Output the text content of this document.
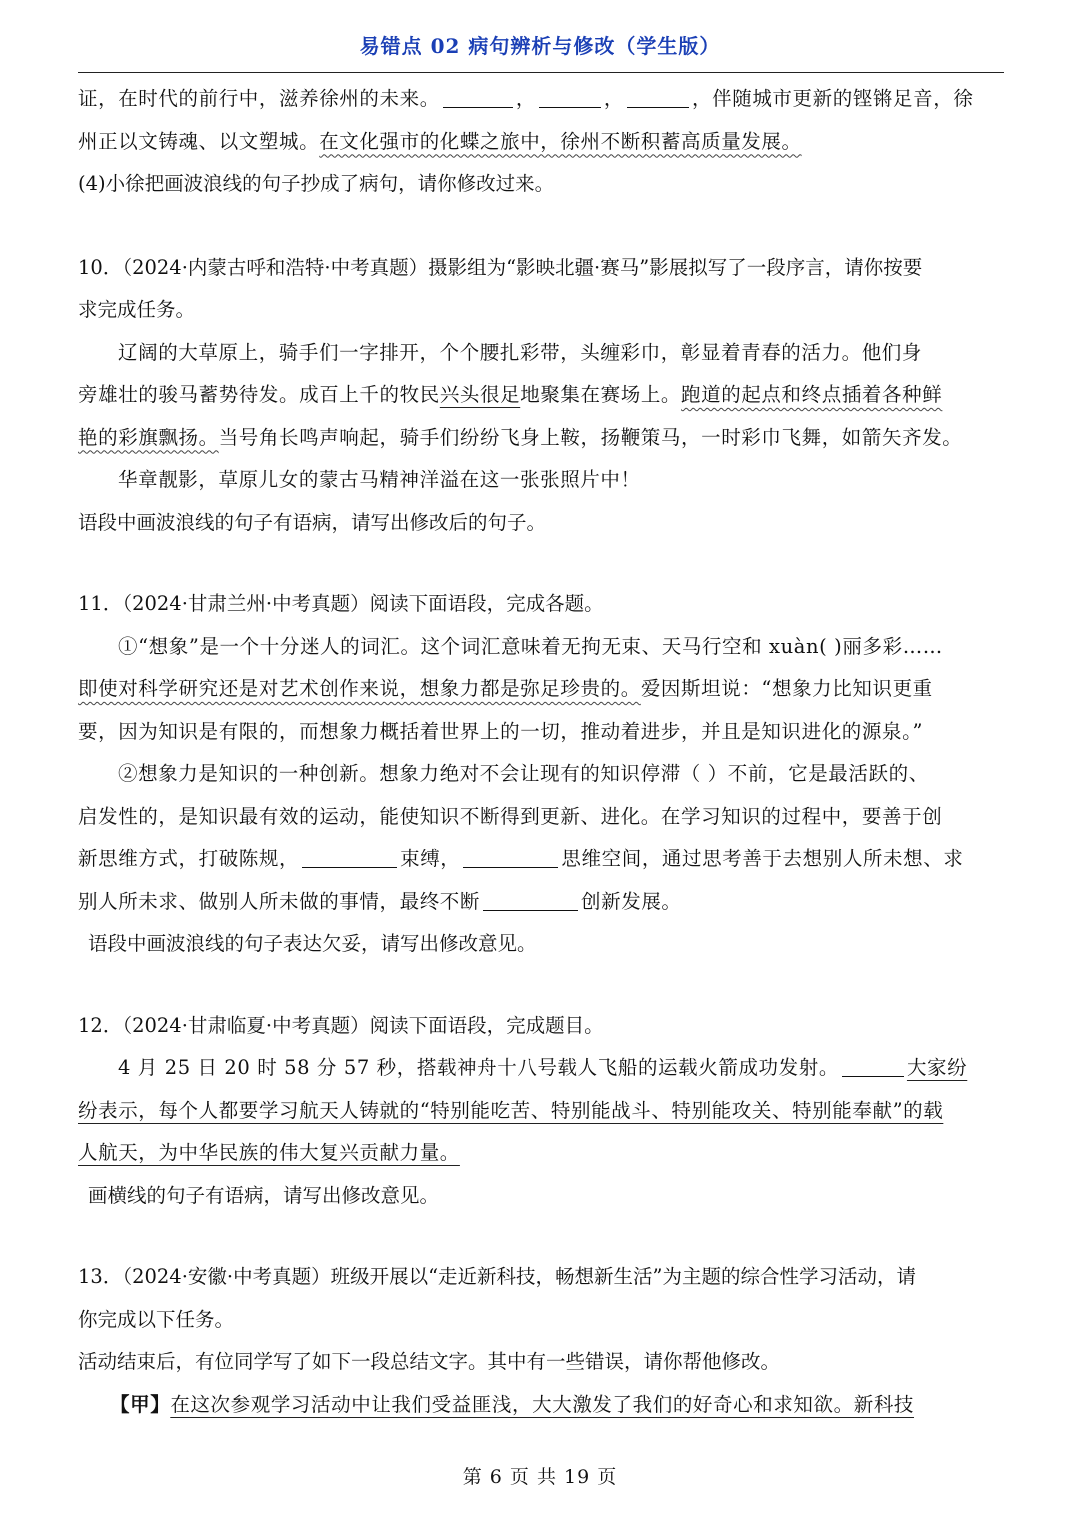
易错点 02 病句辨析与修改（学生版）
证，在时代的前行中，滋养徐州的未来。	，	，	，伴随城市更新的铿锵足音，徐
州正以文铸魂、以文塑城。在文化强市的化蝶之旅中，徐州不断积蓄高质量发展。
(4)小徐把画波浪线的句子抄成了病句，请你修改过来。
10．（2024·内蒙古呼和浩特·中考真题）摄影组为“影映北疆·赛马”影展拟写了一段序言，请你按要
求完成任务。
辽阔的大草原上，骑手们一字排开，个个腰扎彩带，头缠彩巾，彰显着青春的活力。他们身
旁雄壮的骏马蓄势待发。成百上千的牧民兴头很足地聚集在赛场上。跑道的起点和终点插着各种鲜
艳的彩旗飘扬。当号角长鸣声响起，骑手们纷纷飞身上鞍，扬鞭策马，一时彩巾飞舞，如箭矢齐发。
华章靓影，草原儿女的蒙古马精神洋溢在这一张张照片中！
语段中画波浪线的句子有语病，请写出修改后的句子。
11．（2024·甘肃兰州·中考真题）阅读下面语段，完成各题。
①“想象”是一个十分迷人的词汇。这个词汇意味着无拘无束、天马行空和 xuàn( )丽多彩……
即使对科学研究还是对艺术创作来说，想象力都是弥足珍贵的。爱因斯坦说：“想象力比知识更重
要，因为知识是有限的，而想象力概括着世界上的一切，推动着进步，并且是知识进化的源泉。”
②想象力是知识的一种创新。想象力绝对不会让现有的知识停滞（ ）不前，它是最活跃的、
启发性的，是知识最有效的运动，能使知识不断得到更新、进化。在学习知识的过程中，要善于创
新思维方式，打破陈规，	束缚，	思维空间，通过思考善于去想别人所未想、求
别人所未求、做别人所未做的事情，最终不断	创新发展。
语段中画波浪线的句子表达欠妥，请写出修改意见。
12．（2024·甘肃临夏·中考真题）阅读下面语段，完成题目。
4 月 25 日 20 时 58 分 57 秒，搭载神舟十八号载人飞船的运载火箭成功发射。	大家纷
纷表示，每个人都要学习航天人铸就的“特别能吃苦、特别能战斗、特别能攻关、特别能奉献”的载
人航天，为中华民族的伟大复兴贡献力量。
画横线的句子有语病，请写出修改意见。
13．（2024·安徽·中考真题）班级开展以“走近新科技，畅想新生活”为主题的综合性学习活动，请
你完成以下任务。
活动结束后，有位同学写了如下一段总结文字。其中有一些错误，请你帮他修改。
【甲】在这次参观学习活动中让我们受益匪浅，大大激发了我们的好奇心和求知欲。新科技
第 6 页 共 19 页
